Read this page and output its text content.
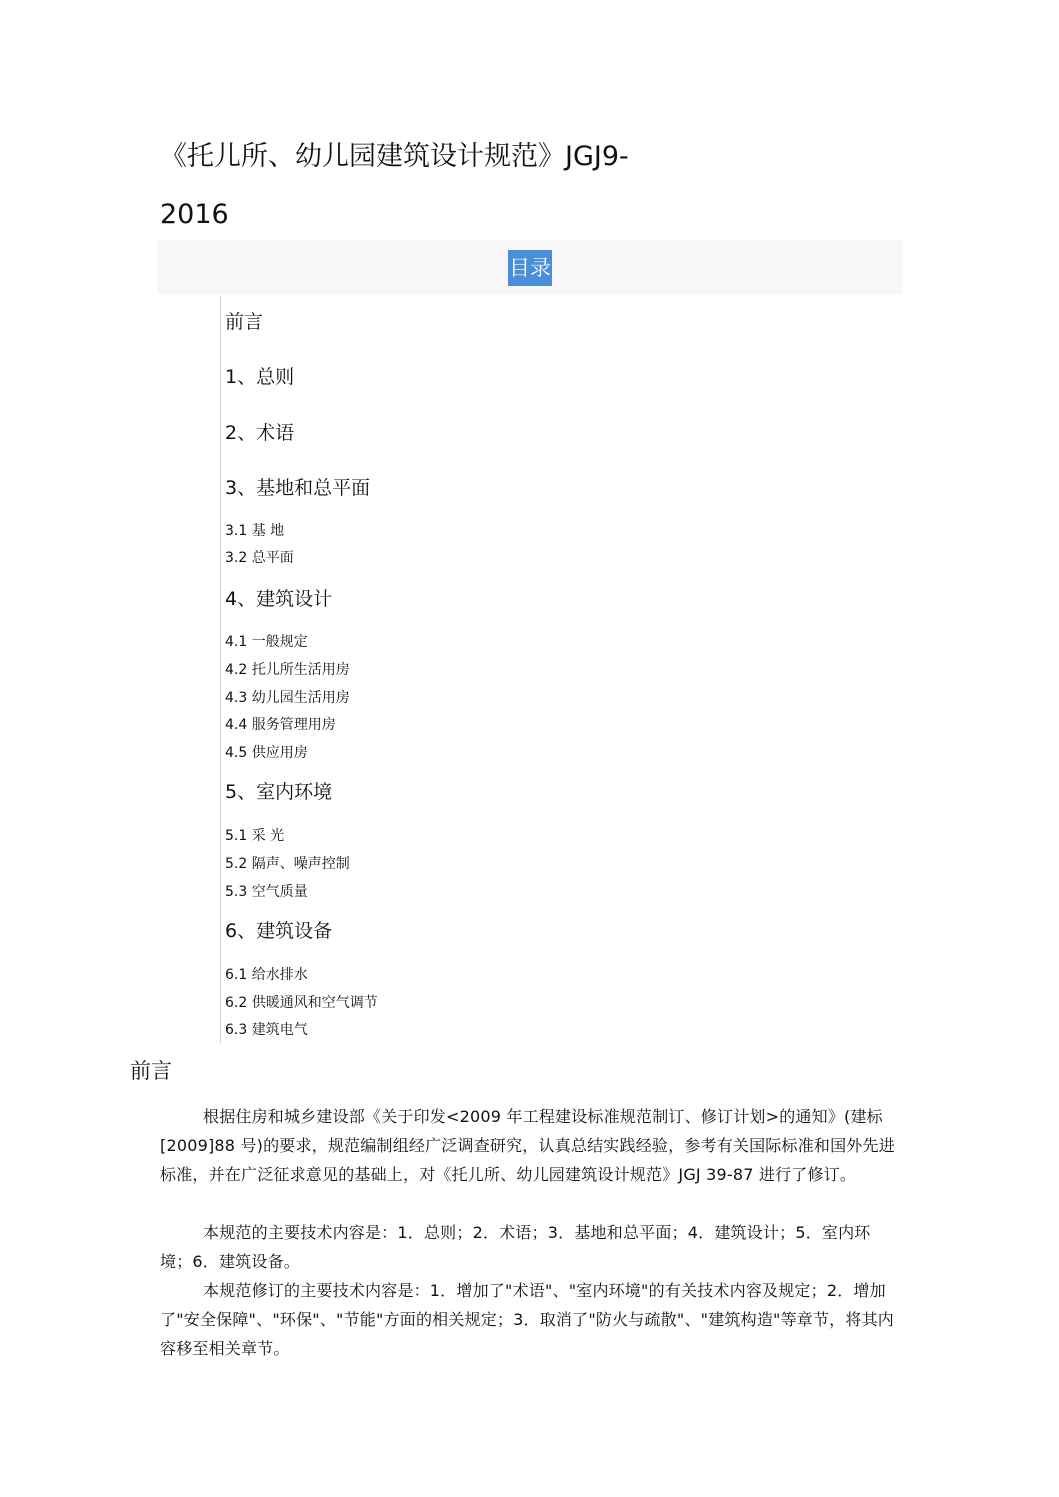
《托儿所、幼儿园建筑设计规范》JGJ9-2016
目录
前言
1、总则
2、术语
3、基地和总平面
3.1 基 地
3.2 总平面
4、建筑设计
4.1 一般规定
4.2 托儿所生活用房
4.3 幼儿园生活用房
4.4 服务管理用房
4.5 供应用房
5、室内环境
5.1 采 光
5.2 隔声、噪声控制
5.3 空气质量
6、建筑设备
6.1 给水排水
6.2 供暖通风和空气调节
6.3 建筑电气
前言

根据住房和城乡建设部《关于印发<2009 年工程建设标准规范制订、修订计划>的通知》(建标[2009]88 号)的要求，规范编制组经广泛调查研究，认真总结实践经验，参考有关国际标准和国外先进标准，并在广泛征求意见的基础上，对《托儿所、幼儿园建筑设计规范》JGJ 39-87 进行了修订。

本规范的主要技术内容是：1．总则；2．术语；3．基地和总平面；4．建筑设计；5．室内环境；6．建筑设备。

本规范修订的主要技术内容是：1．增加了"术语"、"室内环境"的有关技术内容及规定；2．增加了"安全保障"、"环保"、"节能"方面的相关规定；3．取消了"防火与疏散"、"建筑构造"等章节，将其内容移至相关章节。
